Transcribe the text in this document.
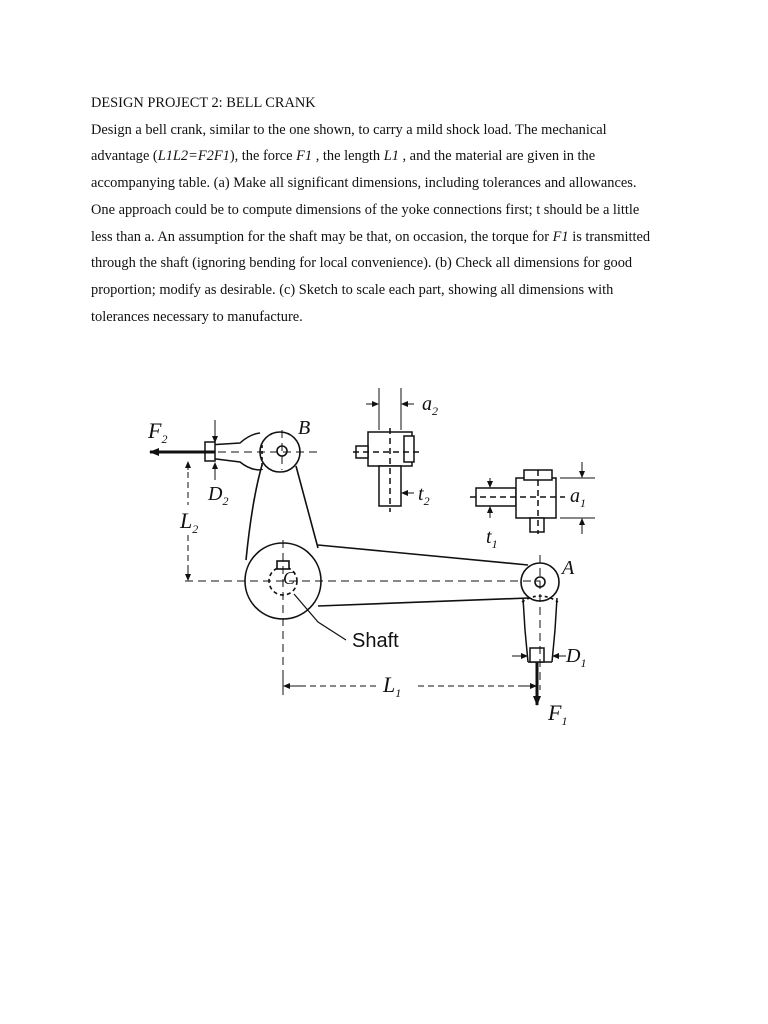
DESIGN PROJECT 2: BELL CRANK

Design a bell crank, similar to the one shown, to carry a mild shock load. The mechanical

advantage (L1L2=F2F1), the force F1 , the length L1 , and the material are given in the

accompanying table. (a) Make all significant dimensions, including tolerances and allowances.

One approach could be to compute dimensions of the yoke connections first; t should be a little

less than a. An assumption for the shaft may be that, on occasion, the torque for F1 is transmitted

through the shaft (ignoring bending for local convenience). (b) Check all dimensions for good

proportion; modify as desirable. (c) Sketch to scale each part, showing all dimensions with

tolerances necessary to manufacture.

$F_2$	B
$D_2$
$L_2$
C	A
Shaft
$D_1$
$L_1$
$F_1$
$a_2$
$t_2$	$a_1$
$t_1$
